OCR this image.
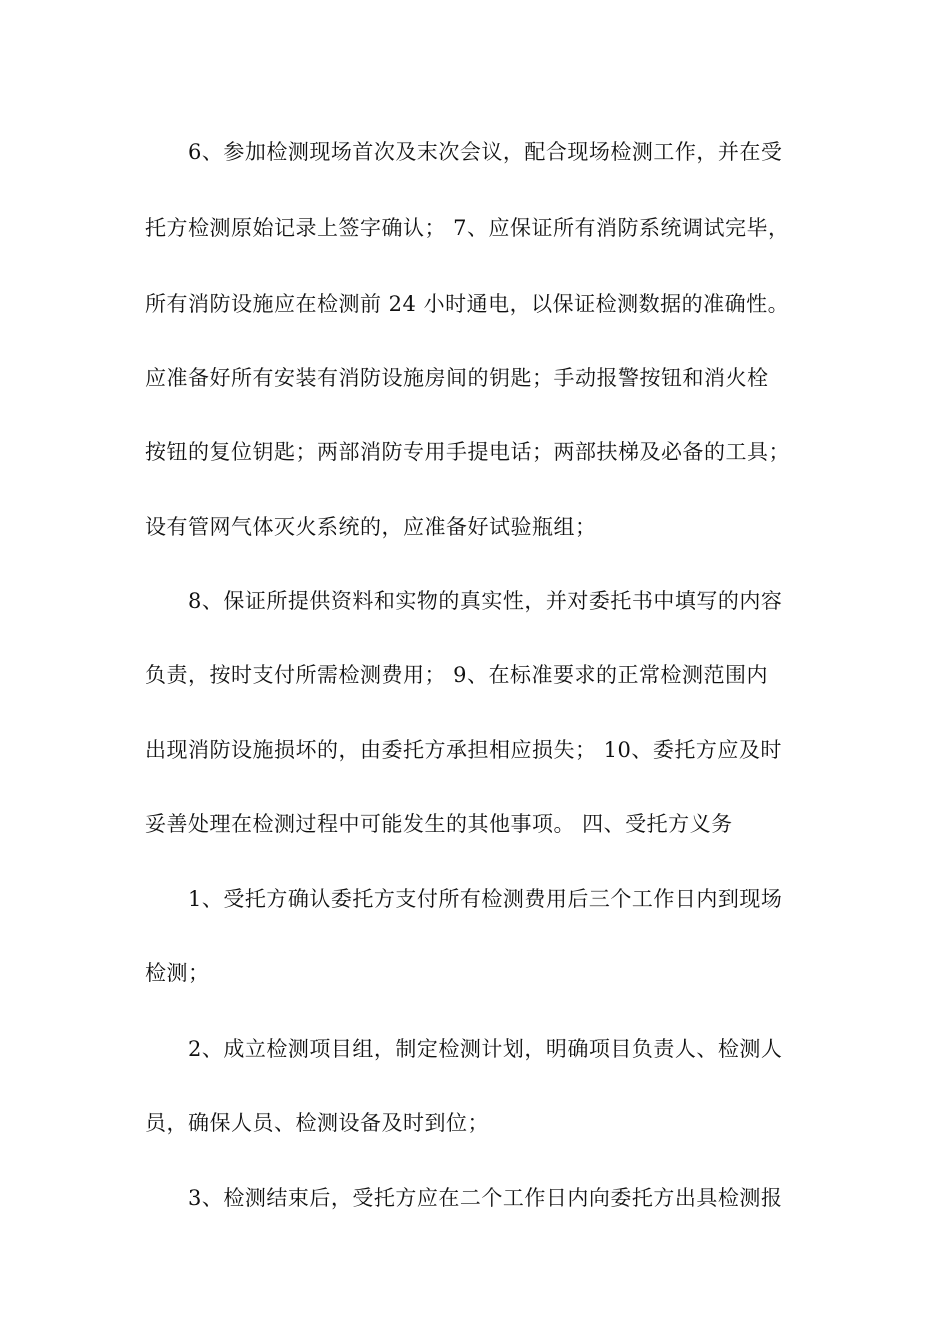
6、参加检测现场首次及末次会议，配合现场检测工作，并在受
托方检测原始记录上签字确认； 7、应保证所有消防系统调试完毕，
所有消防设施应在检测前 24 小时通电，以保证检测数据的准确性。
应准备好所有安装有消防设施房间的钥匙；手动报警按钮和消火栓
按钮的复位钥匙；两部消防专用手提电话；两部扶梯及必备的工具；
设有管网气体灭火系统的，应准备好试验瓶组；
8、保证所提供资料和实物的真实性，并对委托书中填写的内容
负责，按时支付所需检测费用； 9、在标准要求的正常检测范围内
出现消防设施损坏的，由委托方承担相应损失； 10、委托方应及时
妥善处理在检测过程中可能发生的其他事项。 四、受托方义务
1、受托方确认委托方支付所有检测费用后三个工作日内到现场
检测；
2、成立检测项目组，制定检测计划，明确项目负责人、检测人
员，确保人员、检测设备及时到位；
3、检测结束后，受托方应在二个工作日内向委托方出具检测报
